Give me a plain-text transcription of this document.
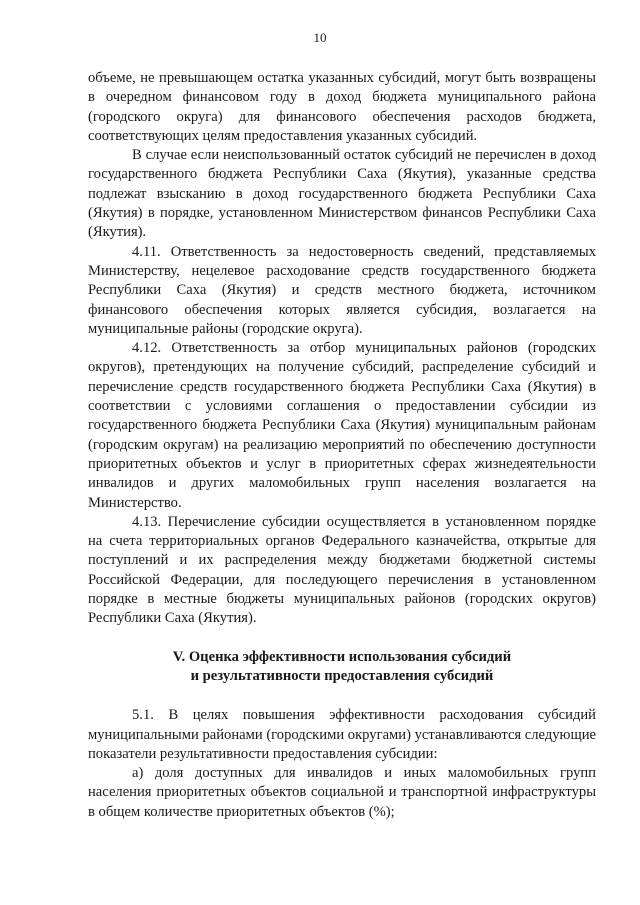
10

объеме, не превышающем остатка указанных субсидий, могут быть возвращены в очередном финансовом году в доход бюджета муниципального района (городского округа) для финансового обеспечения расходов бюджета, соответствующих целям предоставления указанных субсидий.

В случае если неиспользованный остаток субсидий не перечислен в доход государственного бюджета Республики Саха (Якутия), указанные средства подлежат взысканию в доход государственного бюджета Республики Саха (Якутия) в порядке, установленном Министерством финансов Республики Саха (Якутия).

4.11. Ответственность за недостоверность сведений, представляемых Министерству, нецелевое расходование средств государственного бюджета Республики Саха (Якутия) и средств местного бюджета, источником финансового обеспечения которых является субсидия, возлагается на муниципальные районы (городские округа).

4.12. Ответственность за отбор муниципальных районов (городских округов), претендующих на получение субсидий, распределение субсидий и перечисление средств государственного бюджета Республики Саха (Якутия) в соответствии с условиями соглашения о предоставлении субсидии из государственного бюджета Республики Саха (Якутия) муниципальным районам (городским округам) на реализацию мероприятий по обеспечению доступности приоритетных объектов и услуг в приоритетных сферах жизнедеятельности инвалидов и других маломобильных групп населения возлагается на Министерство.

4.13. Перечисление субсидии осуществляется в установленном порядке на счета территориальных органов Федерального казначейства, открытые для поступлений и их распределения между бюджетами бюджетной системы Российской Федерации, для последующего перечисления в установленном порядке в местные бюджеты муниципальных районов (городских округов) Республики Саха (Якутия).

V. Оценка эффективности использования субсидий
и результативности предоставления субсидий

5.1. В целях повышения эффективности расходования субсидий муниципальными районами (городскими округами) устанавливаются следующие показатели результативности предоставления субсидии:

а) доля доступных для инвалидов и иных маломобильных групп населения приоритетных объектов социальной и транспортной инфраструктуры в общем количестве приоритетных объектов (%);
